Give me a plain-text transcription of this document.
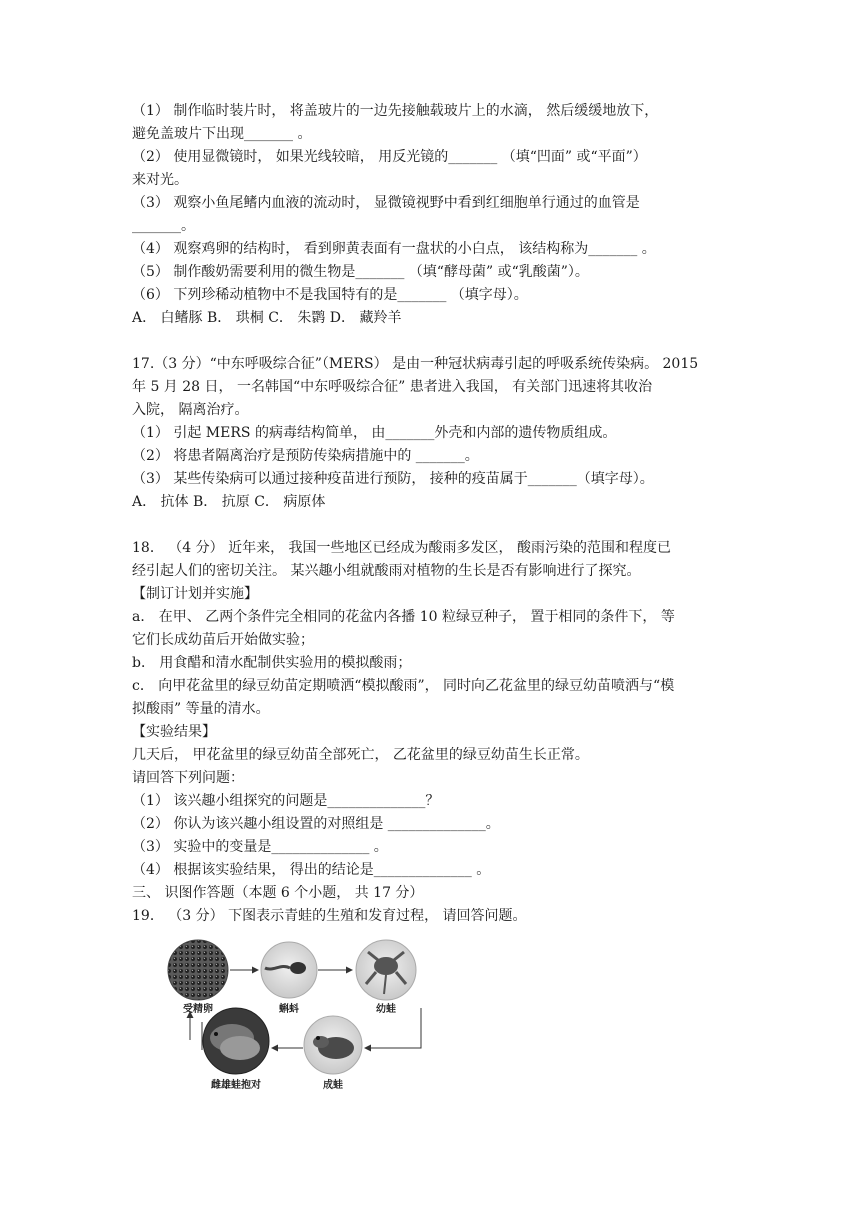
（1） 制作临时装片时， 将盖玻片的一边先接触载玻片上的水滴， 然后缓缓地放下，
避免盖玻片下出现_______ 。
（2） 使用显微镜时， 如果光线较暗， 用反光镜的_______ （填“凹面” 或“平面”）
来对光。
（3） 观察小鱼尾鳍内血液的流动时， 显微镜视野中看到红细胞单行通过的血管是
_______。
（4） 观察鸡卵的结构时， 看到卵黄表面有一盘状的小白点， 该结构称为_______ 。
（5） 制作酸奶需要利用的微生物是_______ （填“酵母菌” 或“乳酸菌”）。
（6） 下列珍稀动植物中不是我国特有的是_______ （填字母）。
A． 白鳍豚 B． 珙桐 C． 朱鹮 D． 藏羚羊
17.（3 分）“中东呼吸综合征”（MERS） 是由一种冠状病毒引起的呼吸系统传染病。 2015
年 5 月 28 日， 一名韩国“中东呼吸综合征” 患者进入我国， 有关部门迅速将其收治
入院， 隔离治疗。
（1） 引起 MERS 的病毒结构简单， 由_______外壳和内部的遗传物质组成。
（2） 将患者隔离治疗是预防传染病措施中的 _______。
（3） 某些传染病可以通过接种疫苗进行预防， 接种的疫苗属于_______（填字母）。
A． 抗体 B． 抗原 C． 病原体
18． （4 分） 近年来， 我国一些地区已经成为酸雨多发区， 酸雨污染的范围和程度已
经引起人们的密切关注。 某兴趣小组就酸雨对植物的生长是否有影响进行了探究。
【制订计划并实施】
a． 在甲、 乙两个条件完全相同的花盆内各播 10 粒绿豆种子， 置于相同的条件下， 等
它们长成幼苗后开始做实验；
b． 用食醋和清水配制供实验用的模拟酸雨；
c． 向甲花盆里的绿豆幼苗定期喷洒“模拟酸雨”， 同时向乙花盆里的绿豆幼苗喷洒与“模
拟酸雨” 等量的清水。
【实验结果】
几天后， 甲花盆里的绿豆幼苗全部死亡， 乙花盆里的绿豆幼苗生长正常。
请回答下列问题：
（1） 该兴趣小组探究的问题是______________？
（2） 你认为该兴趣小组设置的对照组是 ______________。
（3） 实验中的变量是______________ 。
（4） 根据该实验结果， 得出的结论是______________ 。
三、 识图作答题（本题 6 个小题， 共 17 分）
19． （3 分） 下图表示青蛙的生殖和发育过程， 请回答问题。
受精卵	蝌蚪	幼蛙
成蛙
雌雄蛙抱对
